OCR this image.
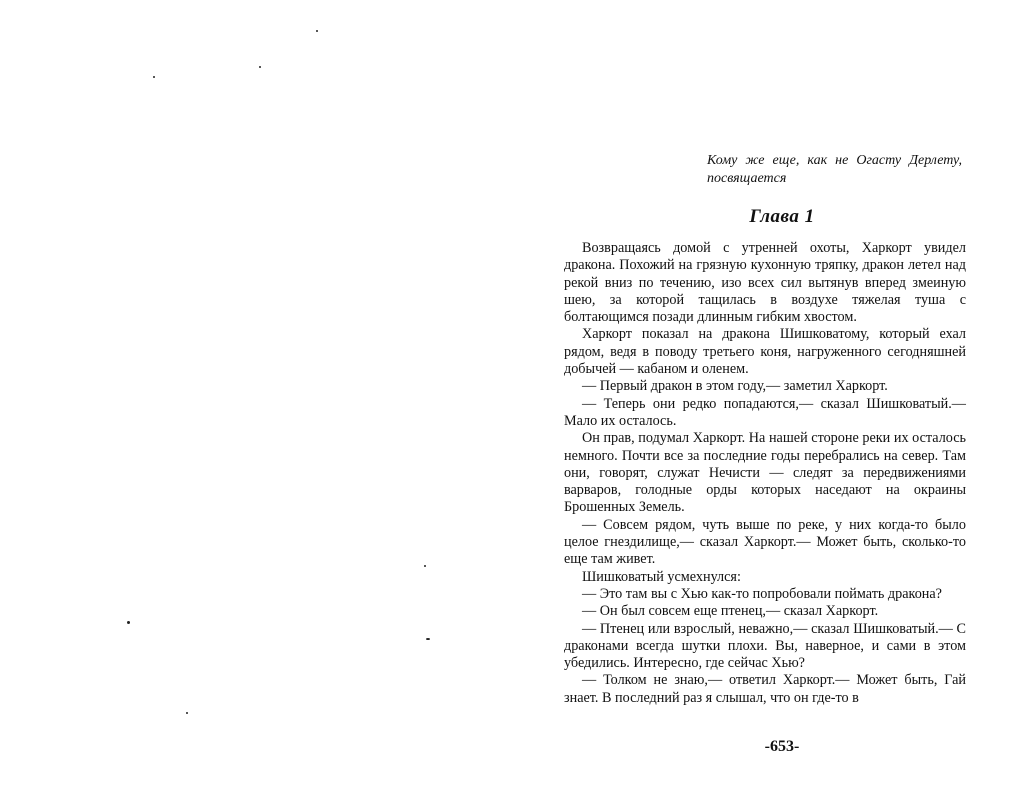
Кому же еще, как не Огасту Дерлету, посвящается
Глава 1

Возвращаясь домой с утренней охоты, Харкорт увидел дракона. Похожий на грязную кухонную тряпку, дракон летел над рекой вниз по течению, изо всех сил вытянув вперед змеиную шею, за которой тащилась в воздухе тяжелая туша с болтающимся позади длинным гибким хвостом.

Харкорт показал на дракона Шишковатому, который ехал рядом, ведя в поводу третьего коня, нагруженного сегодняшней добычей — кабаном и оленем.

— Первый дракон в этом году,— заметил Харкорт.

— Теперь они редко попадаются,— сказал Шишковатый.— Мало их осталось.

Он прав, подумал Харкорт. На нашей стороне реки их осталось немного. Почти все за последние годы перебрались на север. Там они, говорят, служат Нечисти — следят за передвижениями варваров, голодные орды которых наседают на окраины Брошенных Земель.

— Совсем рядом, чуть выше по реке, у них когда-то было целое гнездилище,— сказал Харкорт.— Может быть, сколько-то еще там живет.

Шишковатый усмехнулся:

— Это там вы с Хью как-то попробовали поймать дракона?

— Он был совсем еще птенец,— сказал Харкорт.

— Птенец или взрослый, неважно,— сказал Шишковатый.— С драконами всегда шутки плохи. Вы, наверное, и сами в этом убедились. Интересно, где сейчас Хью?

— Толком не знаю,— ответил Харкорт.— Может быть, Гай знает. В последний раз я слышал, что он где-то в

-653-
